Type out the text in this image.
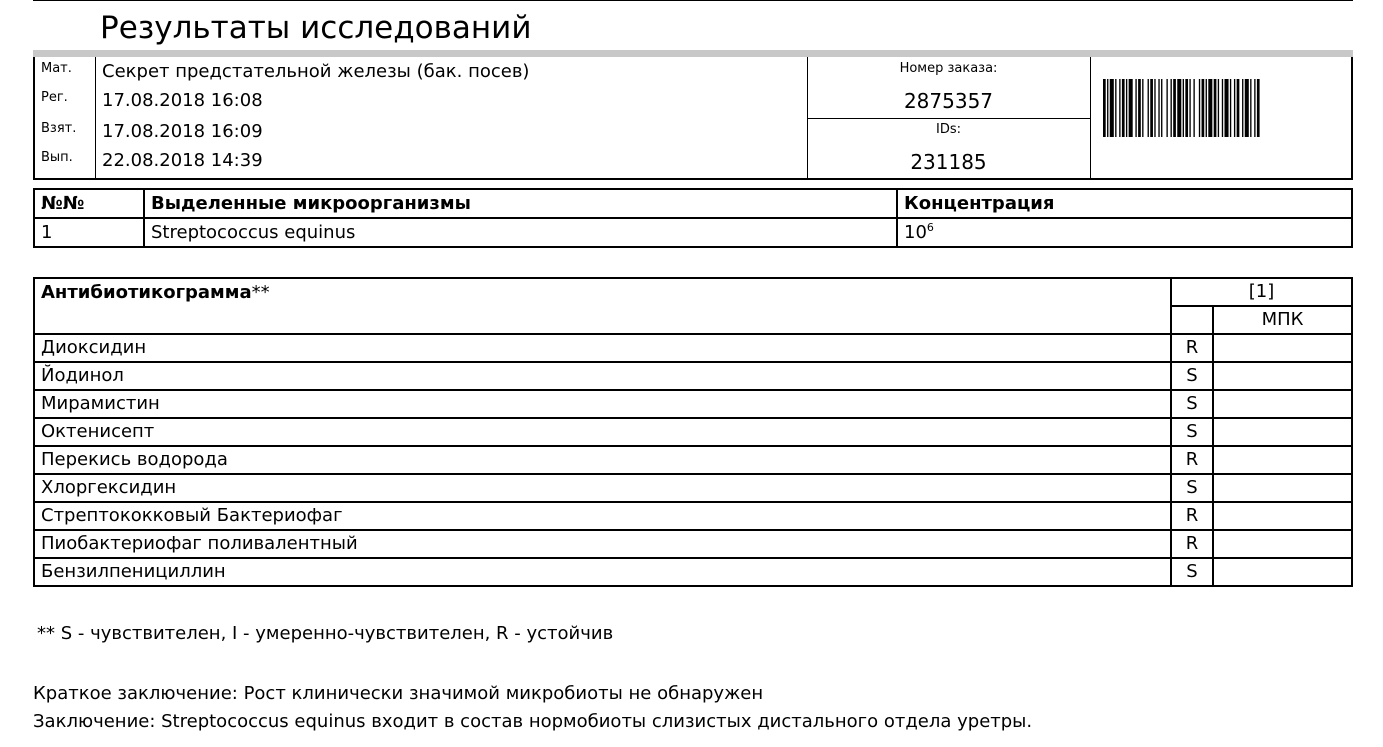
Результаты исследований
Мат. Секрет предстательной железы (бак. посев)
Рег. 17.08.2018 16:08
Взят. 17.08.2018 16:09
Вып. 22.08.2018 14:39
Номер заказа:
2875357
IDs:
231185
№№	Выделенные микроорганизмы	Концентрация
1	Streptococcus equinus	$10^6$
Антибиотикограмма**	[1]	
		МПК
Диоксидин	R	
Йодинол	S	
Мирамистин	S	
Октенисепт	S	
Перекись водорода	R	
Хлоргексидин	S	
Стрептококковый Бактериофаг	R	
Пиобактериофаг поливалентный	R	
Бензилпенициллин	S	
** S - чувствителен, I - умеренно-чувствителен, R - устойчив
Краткое заключение: Рост клинически значимой микробиоты не обнаружен
Заключение: Streptococcus equinus входит в состав нормобиоты слизистых дистального отдела уретры.
